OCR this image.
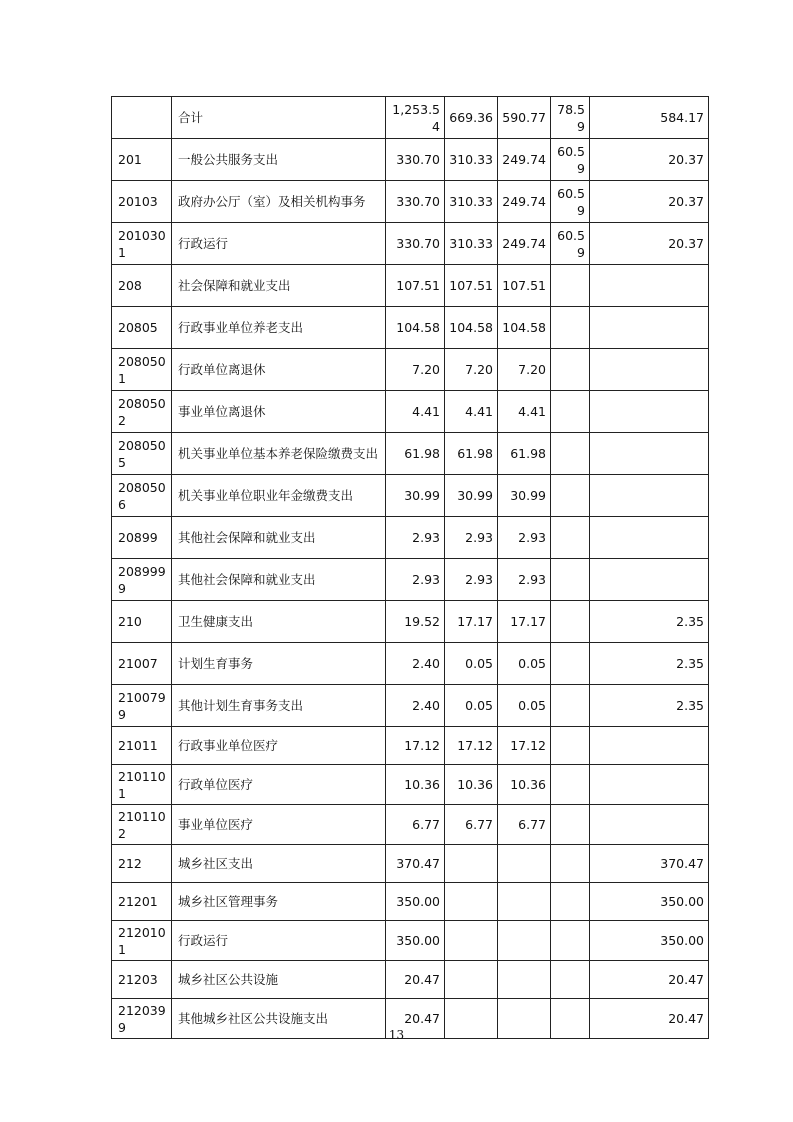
	合计	1,253.54	669.36	590.77	78.59	584.17
201	一般公共服务支出	330.70	310.33	249.74	60.59	20.37
20103	政府办公厅（室）及相关机构事务	330.70	310.33	249.74	60.59	20.37
2010301	行政运行	330.70	310.33	249.74	60.59	20.37
208	社会保障和就业支出	107.51	107.51	107.51		
20805	行政事业单位养老支出	104.58	104.58	104.58		
2080501	行政单位离退休	7.20	7.20	7.20		
2080502	事业单位离退休	4.41	4.41	4.41		
2080505	机关事业单位基本养老保险缴费支出	61.98	61.98	61.98		
2080506	机关事业单位职业年金缴费支出	30.99	30.99	30.99		
20899	其他社会保障和就业支出	2.93	2.93	2.93		
2089999	其他社会保障和就业支出	2.93	2.93	2.93		
210	卫生健康支出	19.52	17.17	17.17		2.35
21007	计划生育事务	2.40	0.05	0.05		2.35
2100799	其他计划生育事务支出	2.40	0.05	0.05		2.35
21011	行政事业单位医疗	17.12	17.12	17.12		
2101101	行政单位医疗	10.36	10.36	10.36		
2101102	事业单位医疗	6.77	6.77	6.77		
212	城乡社区支出	370.47				370.47
21201	城乡社区管理事务	350.00				350.00
2120101	行政运行	350.00				350.00
21203	城乡社区公共设施	20.47				20.47
2120399	其他城乡社区公共设施支出	20.47				20.47
13
